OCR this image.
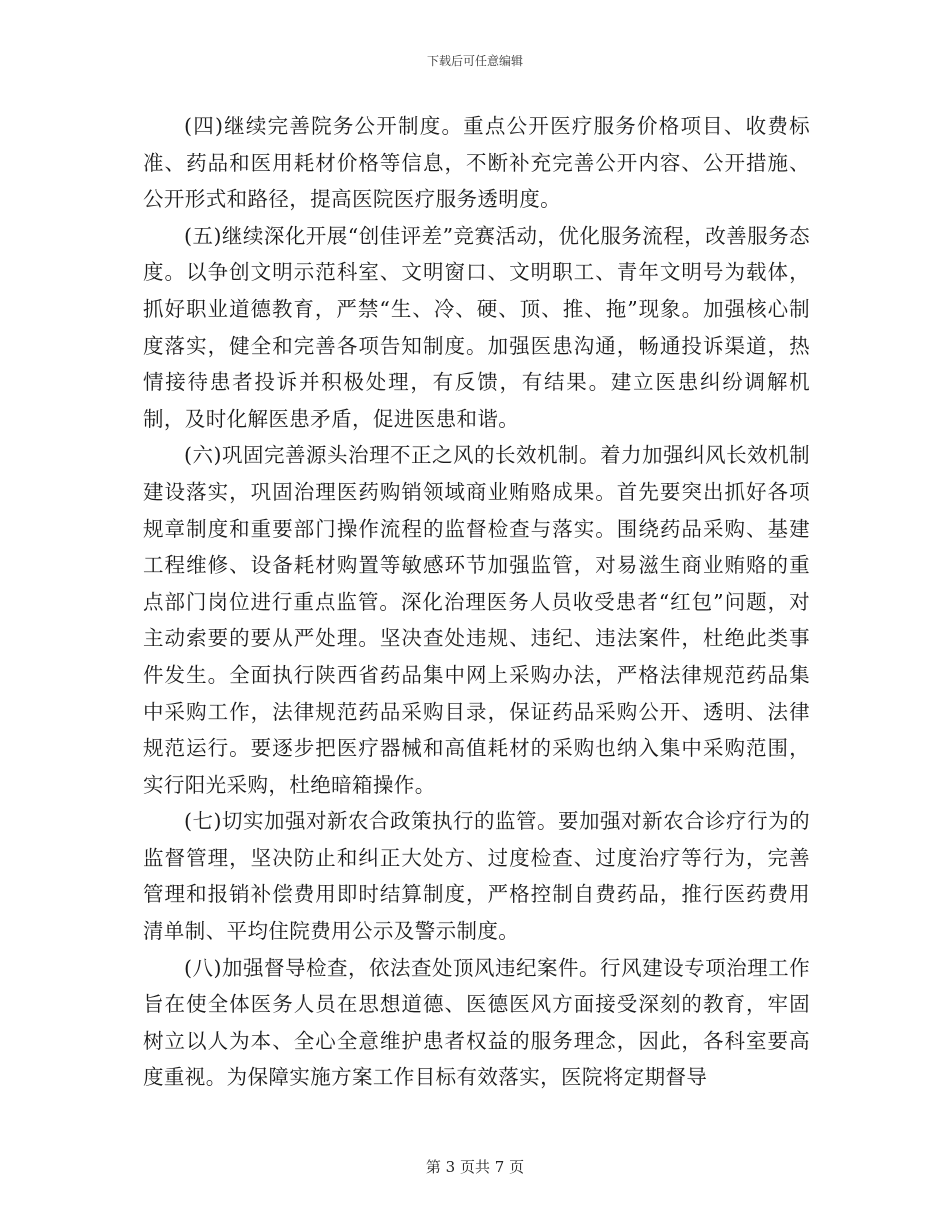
下载后可任意编辑

(四)继续完善院务公开制度。重点公开医疗服务价格项目、收费标准、药品和医用耗材价格等信息，不断补充完善公开内容、公开措施、公开形式和路径，提高医院医疗服务透明度。

(五)继续深化开展“创佳评差”竞赛活动，优化服务流程，改善服务态度。以争创文明示范科室、文明窗口、文明职工、青年文明号为载体，抓好职业道德教育，严禁“生、冷、硬、顶、推、拖”现象。加强核心制度落实，健全和完善各项告知制度。加强医患沟通，畅通投诉渠道，热情接待患者投诉并积极处理，有反馈，有结果。建立医患纠纷调解机制，及时化解医患矛盾，促进医患和谐。

(六)巩固完善源头治理不正之风的长效机制。着力加强纠风长效机制建设落实，巩固治理医药购销领域商业贿赂成果。首先要突出抓好各项规章制度和重要部门操作流程的监督检查与落实。围绕药品采购、基建工程维修、设备耗材购置等敏感环节加强监管，对易滋生商业贿赂的重点部门岗位进行重点监管。深化治理医务人员收受患者“红包”问题，对主动索要的要从严处理。坚决查处违规、违纪、违法案件，杜绝此类事件发生。全面执行陕西省药品集中网上采购办法，严格法律规范药品集中采购工作，法律规范药品采购目录，保证药品采购公开、透明、法律规范运行。要逐步把医疗器械和高值耗材的采购也纳入集中采购范围，实行阳光采购，杜绝暗箱操作。

(七)切实加强对新农合政策执行的监管。要加强对新农合诊疗行为的监督管理，坚决防止和纠正大处方、过度检查、过度治疗等行为，完善管理和报销补偿费用即时结算制度，严格控制自费药品，推行医药费用清单制、平均住院费用公示及警示制度。

(八)加强督导检查，依法查处顶风违纪案件。行风建设专项治理工作旨在使全体医务人员在思想道德、医德医风方面接受深刻的教育，牢固树立以人为本、全心全意维护患者权益的服务理念，因此，各科室要高度重视。为保障实施方案工作目标有效落实，医院将定期督导

第 3 页共 7 页
